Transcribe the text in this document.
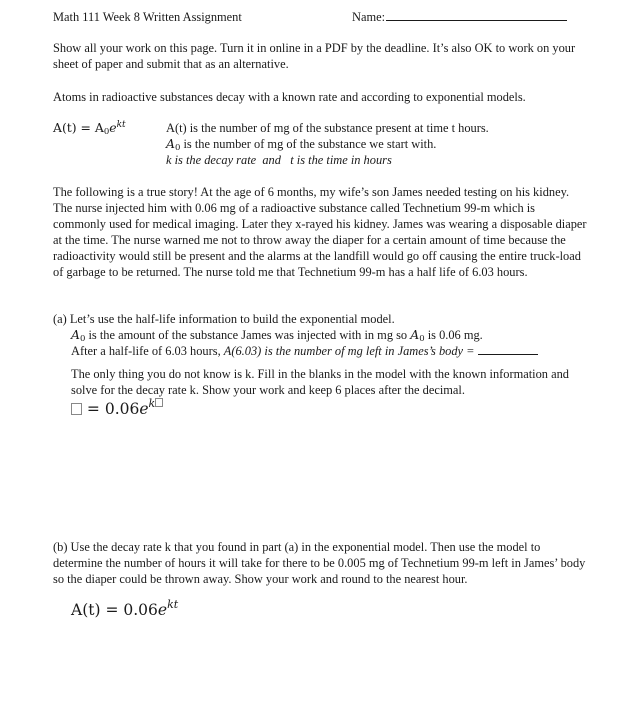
Math 111 Week 8 Written Assignment	Name:
Show all your work on this page. Turn it in online in a PDF by the deadline. It’s also OK to work on your sheet of paper and submit that as an alternative.
Atoms in radioactive substances decay with a known rate and according to exponential models.
$A(t) = A_0e^{kt}$	A(t) is the number of mg of the substance present at time t hours.
$A_0$ is the number of mg of the substance we start with.
k is the decay rate and t is the time in hours
The following is a true story! At the age of 6 months, my wife’s son James needed testing on his kidney. The nurse injected him with 0.06 mg of a radioactive substance called Technetium 99-m which is commonly used for medical imaging. Later they x-rayed his kidney. James was wearing a disposable diaper at the time. The nurse warned me not to throw away the diaper for a certain amount of time because the radioactivity would still be present and the alarms at the landfill would go off causing the entire truck-load of garbage to be returned. The nurse told me that Technetium 99-m has a half life of 6.03 hours.
(a) Let’s use the half-life information to build the exponential model.
$A_0$ is the amount of the substance James was injected with in mg so $A_0$ is 0.06 mg.
After a half-life of 6.03 hours, A(6.03) is the number of mg left in James’s body =
The only thing you do not know is k. Fill in the blanks in the model with the known information and solve for the decay rate k. Show your work and keep 6 places after the decimal.
= $0.06e^k$
(b) Use the decay rate k that you found in part (a) in the exponential model. Then use the model to determine the number of hours it will take for there to be 0.005 mg of Technetium 99-m left in James’ body so the diaper could be thrown away. Show your work and round to the nearest hour.
$A(t) = 0.06e^{kt}$
